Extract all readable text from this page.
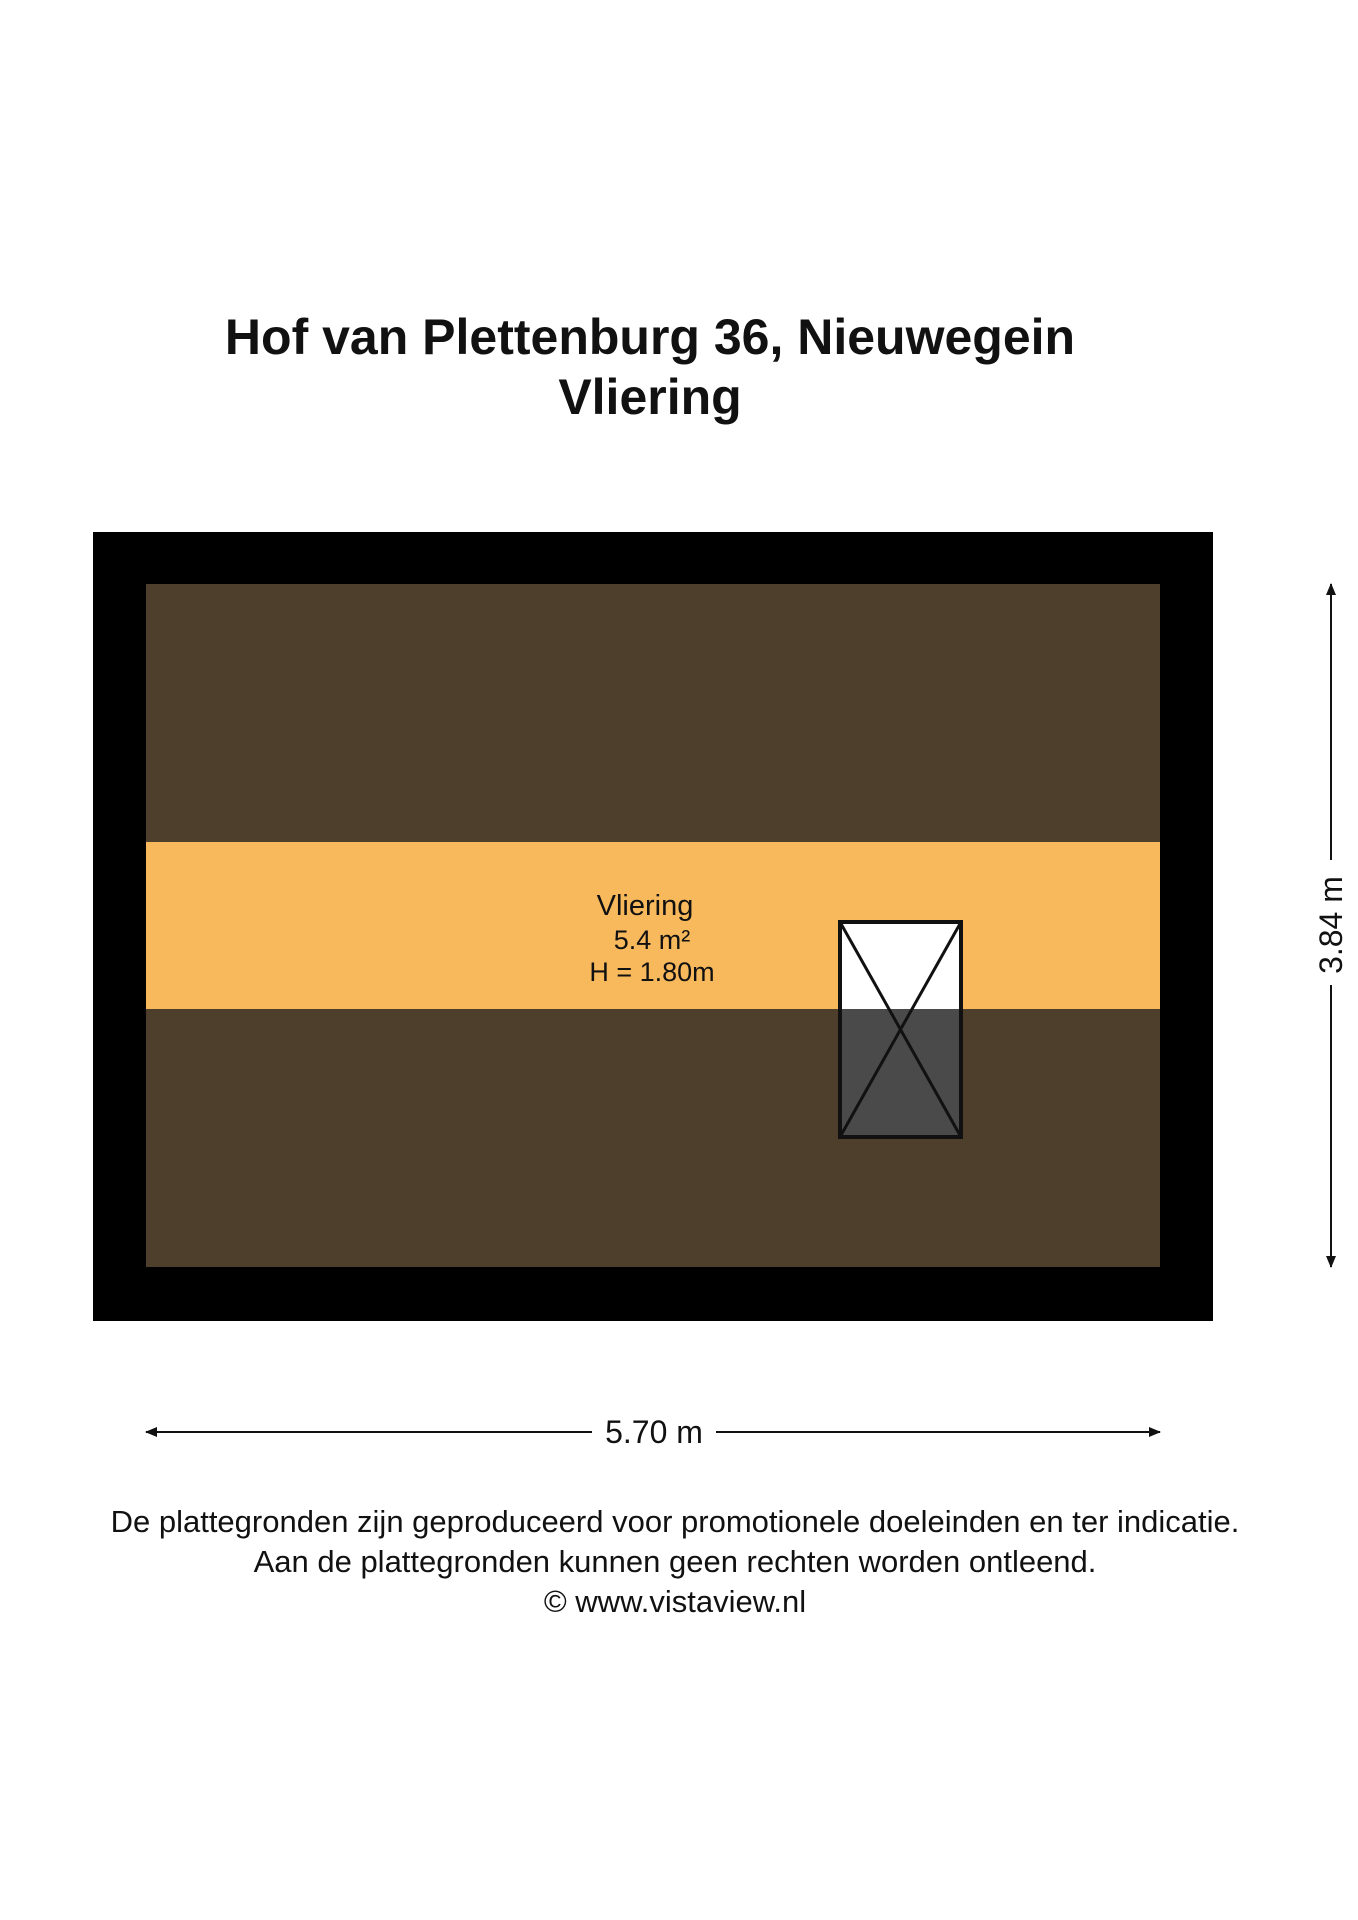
Hof van Plettenburg 36, Nieuwegein
Vliering
Vliering
5.4 m²
H = 1.80m
5.70 m
3.84 m
De plattegronden zijn geproduceerd voor promotionele doeleinden en ter indicatie.
Aan de plattegronden kunnen geen rechten worden ontleend.
© www.vistaview.nl
